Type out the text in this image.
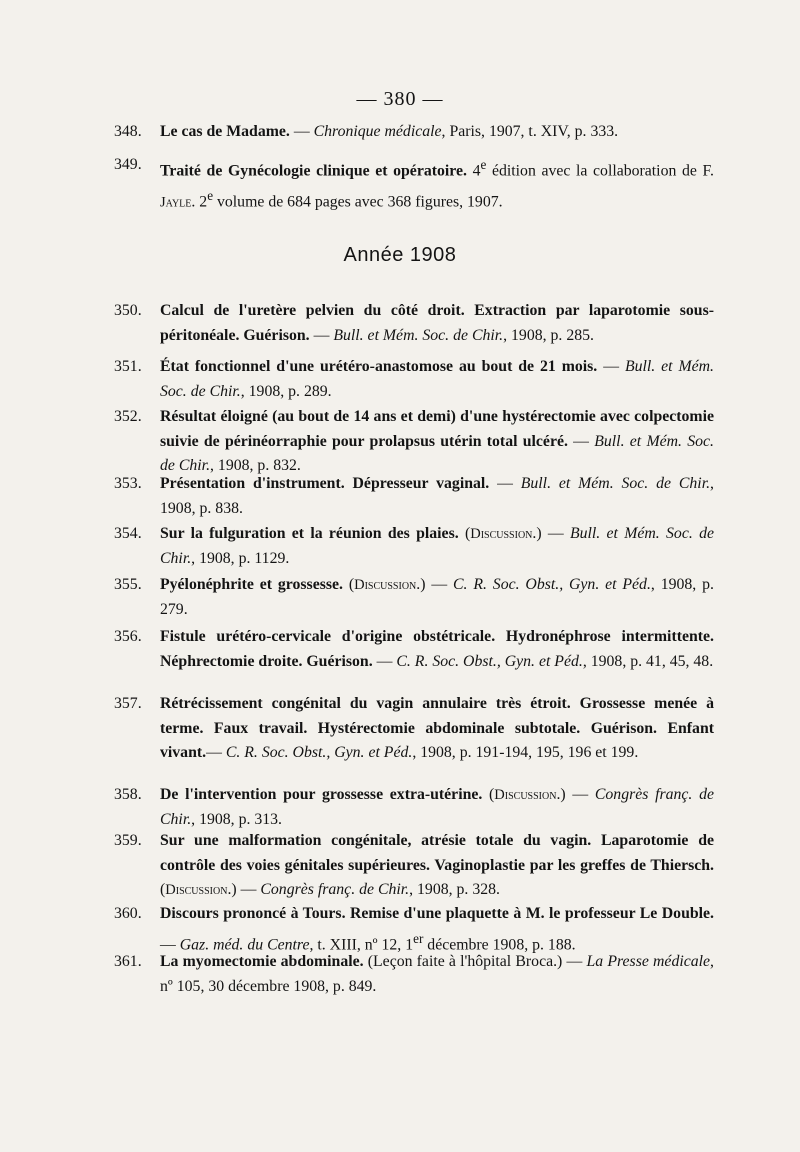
— 380 —
348.	Le cas de Madame. — Chronique médicale, Paris, 1907, t. XIV, p. 333.
349.	Traité de Gynécologie clinique et opératoire. 4e édition avec la collaboration de F. Jayle. 2e volume de 684 pages avec 368 figures, 1907.
Année 1908
350.	Calcul de l'uretère pelvien du côté droit. Extraction par laparotomie sous-péritonéale. Guérison. — Bull. et Mém. Soc. de Chir., 1908, p. 285.
351.	État fonctionnel d'une urétéro-anastomose au bout de 21 mois. — Bull. et Mém. Soc. de Chir., 1908, p. 289.
352.	Résultat éloigné (au bout de 14 ans et demi) d'une hystérectomie avec colpectomie suivie de périnéorraphie pour prolapsus utérin total ulcéré. — Bull. et Mém. Soc. de Chir., 1908, p. 832.
353.	Présentation d'instrument. Dépresseur vaginal. — Bull. et Mém. Soc. de Chir., 1908, p. 838.
354.	Sur la fulguration et la réunion des plaies. (Discussion.) — Bull. et Mém. Soc. de Chir., 1908, p. 1129.
355.	Pyélonéphrite et grossesse. (Discussion.) — C. R. Soc. Obst., Gyn. et Péd., 1908, p. 279.
356.	Fistule urétéro-cervicale d'origine obstétricale. Hydronéphrose intermittente. Néphrectomie droite. Guérison. — C. R. Soc. Obst., Gyn. et Péd., 1908, p. 41, 45, 48.
357.	Rétrécissement congénital du vagin annulaire très étroit. Grossesse menée à terme. Faux travail. Hystérectomie abdominale subtotale. Guérison. Enfant vivant.— C. R. Soc. Obst., Gyn. et Péd., 1908, p. 191-194, 195, 196 et 199.
358.	De l'intervention pour grossesse extra-utérine. (Discussion.) — Congrès franç. de Chir., 1908, p. 313.
359.	Sur une malformation congénitale, atrésie totale du vagin. Laparotomie de contrôle des voies génitales supérieures. Vaginoplastie par les greffes de Thiersch. (Discussion.) — Congrès franç. de Chir., 1908, p. 328.
360.	Discours prononcé à Tours. Remise d'une plaquette à M. le professeur Le Double. — Gaz. méd. du Centre, t. XIII, nº 12, 1er décembre 1908, p. 188.
361.	La myomectomie abdominale. (Leçon faite à l'hôpital Broca.) — La Presse médicale, nº 105, 30 décembre 1908, p. 849.
